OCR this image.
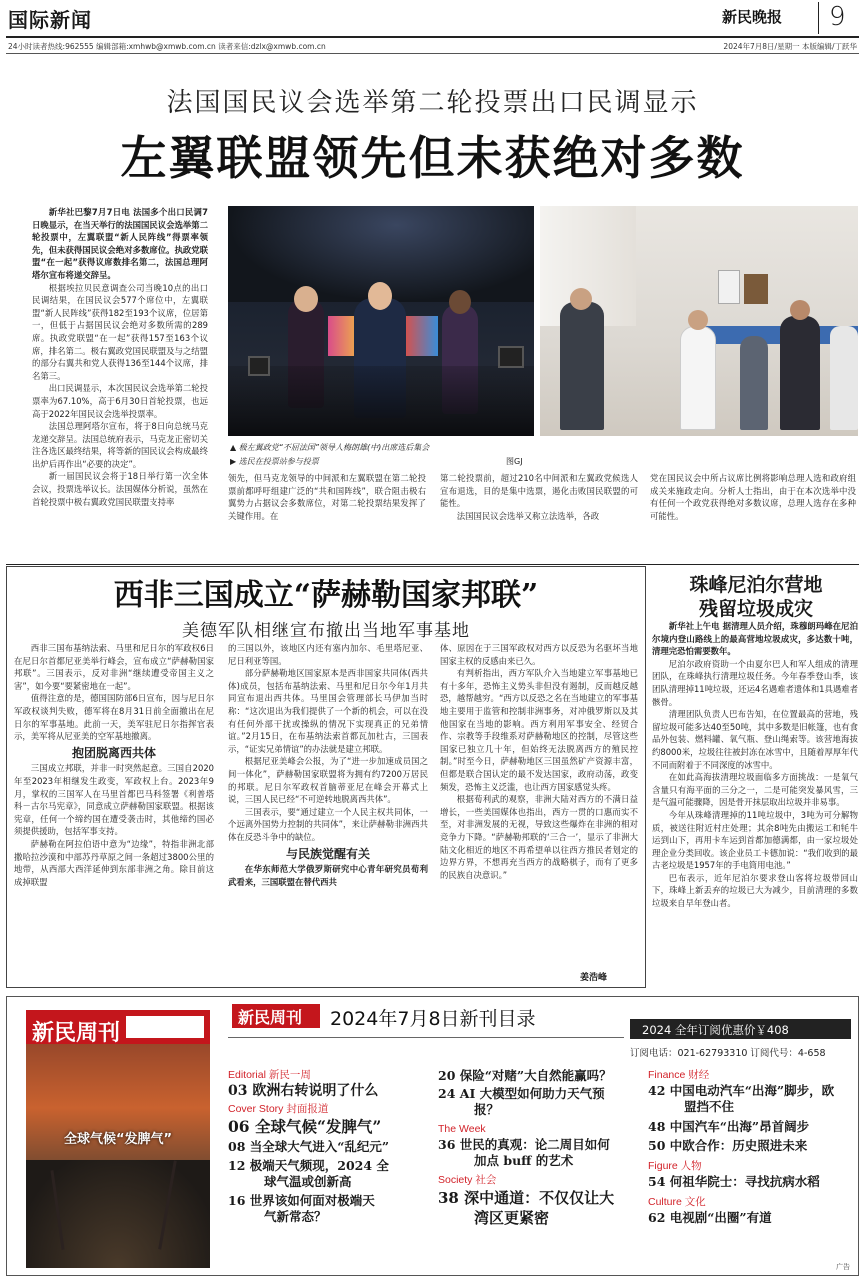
国际新闻	新民晚报	9
24小时读者热线:962555 编辑部箱:xmhwb@xmwb.com.cn 读者来信:dzlx@xmwb.com.cn	2024年7月8日/星期一 本版编辑/丁跃华
法国国民议会选举第二轮投票出口民调显示
左翼联盟领先但未获绝对多数

新华社巴黎7月7日电 法国多个出口民调7日晚显示，在当天举行的法国国民议会选举第二轮投票中，左翼联盟“新人民阵线”得票率领先，但未获得国民议会绝对多数席位。执政党联盟“在一起”获得议席数排名第二，法国总理阿塔尔宣布将递交辞呈。

根据埃拉贝民意调查公司当晚10点的出口民调结果，在国民议会577个席位中，左翼联盟“新人民阵线”获得182至193个议席，位居第一，但低于占据国民议会绝对多数所需的289席。执政党联盟“在一起”获得157至163个议席，排名第二。极右翼政党国民联盟及与之结盟的部分右翼共和党人获得136至144个议席，排名第三。

出口民调显示，本次国民议会选举第二轮投票率为67.10%，高于6月30日首轮投票，也远高于2022年国民议会选举投票率。

法国总理阿塔尔宣布，将于8日向总统马克龙递交辞呈。法国总统府表示，马克龙正密切关注各选区最终结果，将等新的国民议会构成最终出炉后再作出“必要的决定”。

新一届国民议会将于18日举行第一次全体会议，投票选举议长。法国媒体分析说，虽然在首轮投票中极右翼政党国民联盟支持率

▲ 极左翼政党“不屈法国”领导人梅朗雄(中)出席选后集会
▶ 选民在投票站参与投票	图GJ

领先，但马克龙领导的中间派和左翼联盟在第二轮投票前都呼吁组建广泛的“共和国阵线”，联合阻击极右翼势力占据议会多数席位，对第二轮投票结果发挥了关键作用。在

第二轮投票前，超过210名中间派和左翼政党候选人宣布退选，目的是集中选票，遏化击败国民联盟的可能性。

法国国民议会选举又称立法选举，各政

党在国民议会中所占议席比例将影响总理人选和政府组成关来施政走向。分析人士指出，由于在本次选举中没有任何一个政党获得绝对多数议席，总理人选存在多种可能性。

西非三国成立“萨赫勒国家邦联”
美德军队相继宣布撤出当地军事基地

西非三国布基纳法索、马里和尼日尔的军政权6日在尼日尔首都尼亚美举行峰会，宣布成立“萨赫勒国家邦联”。三国表示，反对非洲“继续遭受帝国主义之害”，如今要“要紧密地在一起”。

值得注意的是，德国国防部6日宣布，因与尼日尔军政权谈判失败，德军将在8月31日前全面撤出在尼日尔的军事基地。此前一天，美军驻尼日尔指挥官表示，美军将从尼亚美的空军基地撤离。

抱团脱离西共体

三国成立邦联，并非一时突然起意。三国自2020年至2023年相继发生政变，军政权上台。2023年9月，掌权的三国军人在马里首都巴马科签署《利普塔科－古尔马宪章》，同意成立萨赫勒国家联盟。根据该宪章，任何一个缔约国在遭受袭击时，其他缔约国必须提供援助，包括军事支持。

萨赫勒在阿拉伯语中意为“边缘”，特指非洲北部撒哈拉沙漠和中部苏丹草原之间一条超过3800公里的地带，从西部大西洋延伸到东部非洲之角。除目前这成掉联盟

的三国以外，该地区内还有塞内加尔、毛里塔尼亚、尼日利亚等国。

部分萨赫勒地区国家原本是西非国家共同体(西共体)成员，包括布基纳法索、马里和尼日尔今年1月共同宣布退出西共体。马里国会管理部长马伊加当时称：“这次退出为我们提供了一个新的机会，可以在没有任何外部干扰或操纵的情况下实现真正的兄弟情谊。”2月15日，在布基纳法索首都瓦加杜古，三国表示，“证实兄弟情谊”的办法就是建立邦联。

根据尼亚美峰会公报，为了“进一步加速成员国之间一体化”，萨赫勒国家联盟将为拥有约7200万居民的邦联。尼日尔军政权首脑蒂亚尼在峰会开幕式上说，三国人民已经“不可逆转地脱离西共体”。

三国表示，要“通过建立一个人民主权共同体，一个远离外国势力控制的共同体”，来让萨赫勒非洲西共体在反恐斗争中的缺位。

与民族觉醒有关

在华东师范大学俄罗斯研究中心青年研究员荀利武看来，三国联盟在替代西共

体、原因在于三国军政权对西方以反恐为名驱坏当地国家主权的反感由来已久。

有判析指出，西方军队介入当地建立军事基地已有十多年，恐怖主义势头非但没有遏制，反而越反越恐，越帮越穷。“西方以反恐之名在当地建立的军事基地主要用于监管和控制非洲事务，对冲俄罗斯以及其他国家在当地的影响。西方利用军事安全、经贸合作、宗教等手段维系对萨赫勒地区的控制，尽管这些国家已独立几十年，但始终无法脱离西方的殖民控制。”时至今日，萨赫勒地区三国虽然矿产资源丰富，但都是联合国认定的最不发达国家，政府动荡，政变频发，恐怖主义泛滥，也让西方国家感觉头疼。

根据荀利武的观察，非洲大陆对西方的不满日益增长，一些美国媒体也指出，西方一贯的口惠而实不至，对非洲发展的无视，导致这些爆炸在非洲的相对竞争力下降。“萨赫勒邦联的‘三合一’，显示了非洲大陆文化相近的地区不再希望单以往西方推民者划定的边界方界，不想再充当西方的战略棋子，而有了更多的民族自决意识。”

姜浩峰
珠峰尼泊尔营地
残留垃圾成灾

新华社上午电 据清理人员介绍，珠穆朗玛峰在尼泊尔境内登山路线上的最高营地垃圾成灾，多达数十吨，清理完恐怕需要数年。

尼泊尔政府资助一个由夏尔巴人和军人组成的清理团队，在珠峰执行清理垃圾任务。今年春季登山季，该团队清理掉11吨垃圾，还运4名遇难者遗体和1具遇难者骸骨。

清理团队负责人巴布告知，在位置最高的营地，残留垃圾可能多达40至50吨，其中多数是旧帐篷，也有食品外包装、燃料罐、氧气瓶、登山绳索等。该营地海拔约8000米，垃圾往往被封冻在冰雪中，且随着厚厚年代不同而附着于不同深度的冰雪中。

在如此高海拔清理垃圾面临多方面挑战：一是氧气含量只有海平面的三分之一，二是可能突发暴风雪，三是气温可能骤降，因是骨开抹层取出垃圾并非易事。

今年从珠峰清理掉的11吨垃圾中，3吨为可分解物质，被送往附近村庄处理；其余8吨先由搬运工和牦牛运到山下，再用卡车运到首都加德满都，由一家垃圾处理企业分类回收。该企业员工卡德加说：“我们收到的最古老垃圾是1957年的手电筒用电池。”

巴布表示，近年尼泊尔要求登山客将垃圾带回山下，珠峰上新丢弃的垃圾已大为减少，目前清理的多数垃圾来自早年登山者。

新民周刊
全球气候“发脾气”
新民周刊 2024年7月8日新刊目录	2024 全年订阅优惠价￥408
订阅电话：021-62793310 订阅代号：4-658
Editorial 新民一周
03 欧洲右转说明了什么
Cover Story 封面报道
06 全球气候“发脾气”
08 当全球大气进入“乱纪元”
12 极端天气频现，2024 全球气温或创新高
16 世界该如何面对极端天气新常态？
20 保险“对赌”大自然能赢吗？
24 AI 大模型如何助力天气预报？
The Week
36 世民的真观：论二周目如何加点 buff 的艺术
Society 社会
38 深中通道：不仅仅让大湾区更紧密
Finance 财经
42 中国电动汽车“出海”脚步，欧盟挡不住
48 中国汽车“出海”昂首阔步
50 中欧合作：历史照进未来
Figure 人物
54 何祖华院士：寻找抗病水稻
Culture 文化
62 电视剧“出圈”有道
广告
